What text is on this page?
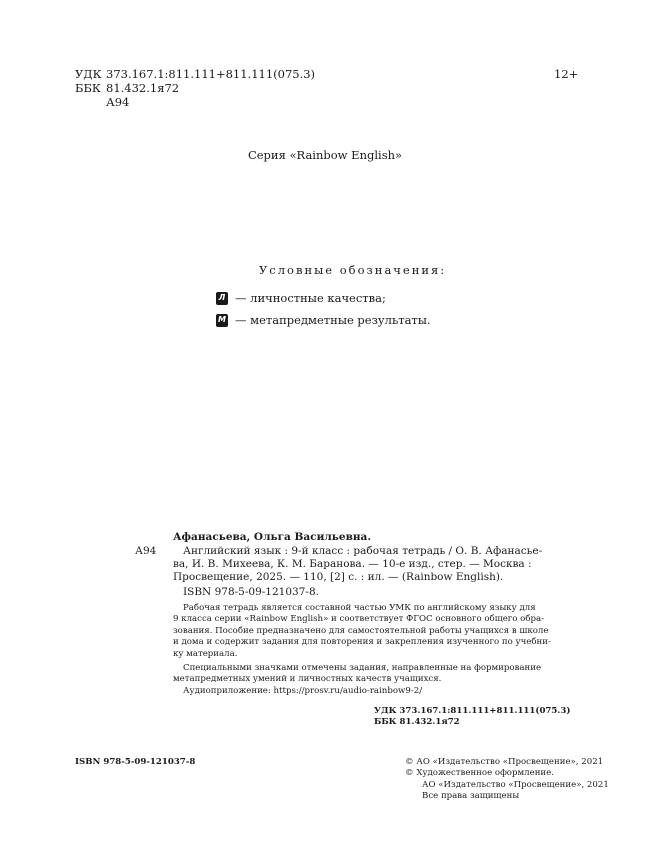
УДК 373.167.1:811.111+811.111(075.3)
ББК 81.432.1я72
А94
12+
Серия «Rainbow English»
Условные обозначения:
Л — личностные качества;
М — метапредметные результаты.
Афанасьева, Ольга Васильевна.
А94	Английский язык : 9-й класс : рабочая тетрадь / О. В. Афанасье-
ва, И. В. Михеева, К. М. Баранова. — 10-е изд., стер. — Москва :
Просвещение, 2025. — 110, [2] с. : ил. — (Rainbow English).
ISBN 978-5-09-121037-8.
Рабочая тетрадь является составной частью УМК по английскому языку для
9 класса серии «Rainbow English» и соответствует ФГОС основного общего обра-
зования. Пособие предназначено для самостоятельной работы учащихся в школе
и дома и содержит задания для повторения и закрепления изученного по учебни-
ку материала.
Специальными значками отмечены задания, направленные на формирование
метапредметных умений и личностных качеств учащихся.
Аудиоприложение: https://prosv.ru/audio-rainbow9-2/
УДК 373.167.1:811.111+811.111(075.3)
ББК 81.432.1я72
ISBN 978-5-09-121037-8	© АО «Издательство «Просвещение», 2021
© Художественное оформление.
АО «Издательство «Просвещение», 2021
Все права защищены
